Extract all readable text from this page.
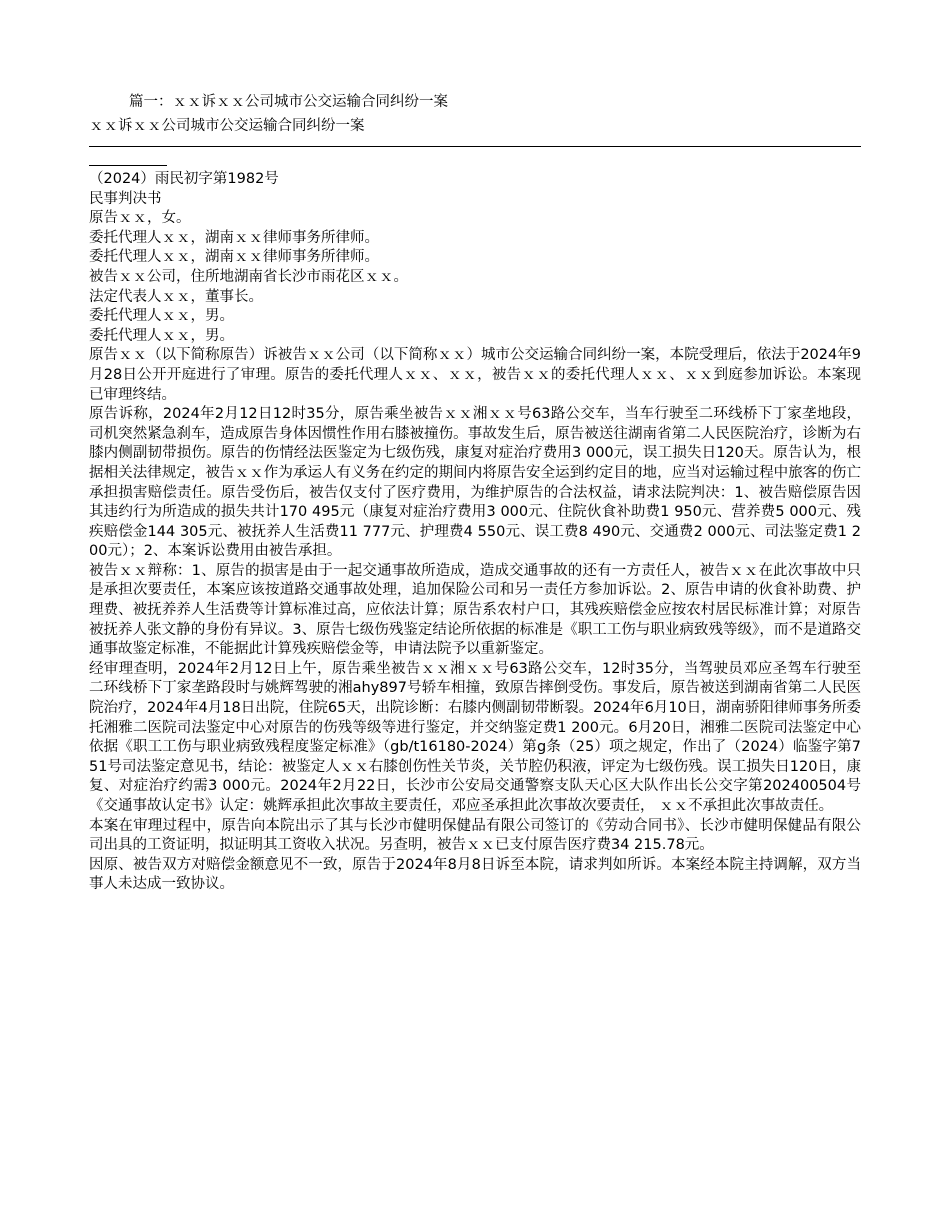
篇一：ｘｘ诉ｘｘ公司城市公交运输合同纠纷一案
ｘｘ诉ｘｘ公司城市公交运输合同纠纷一案

（2024）雨民初字第1982号

民事判决书

原告ｘｘ，女。

委托代理人ｘｘ，湖南ｘｘ律师事务所律师。

委托代理人ｘｘ，湖南ｘｘ律师事务所律师。

被告ｘｘ公司，住所地湖南省长沙市雨花区ｘｘ。

法定代表人ｘｘ，董事长。

委托代理人ｘｘ，男。

委托代理人ｘｘ，男。

原告ｘｘ（以下简称原告）诉被告ｘｘ公司（以下简称ｘｘ）城市公交运输合同纠纷一案，本院受理后，依法于2024年9月28日公开开庭进行了审理。原告的委托代理人ｘｘ、ｘｘ，被告ｘｘ的委托代理人ｘｘ、ｘｘ到庭参加诉讼。本案现已审理终结。

原告诉称，2024年2月12日12时35分，原告乘坐被告ｘｘ湘ｘｘ号63路公交车，当车行驶至二环线桥下丁家垄地段，司机突然紧急刹车，造成原告身体因惯性作用右膝被撞伤。事故发生后，原告被送往湖南省第二人民医院治疗，诊断为右膝内侧副韧带损伤。原告的伤情经法医鉴定为七级伤残，康复对症治疗费用3 000元，误工损失日120天。原告认为，根据相关法律规定，被告ｘｘ作为承运人有义务在约定的期间内将原告安全运到约定目的地，应当对运输过程中旅客的伤亡承担损害赔偿责任。原告受伤后，被告仅支付了医疗费用，为维护原告的合法权益，请求法院判决：1、被告赔偿原告因其违约行为所造成的损失共计170 495元（康复对症治疗费用3 000元、住院伙食补助费1 950元、营养费5 000元、残疾赔偿金144 305元、被抚养人生活费11 777元、护理费4 550元、误工费8 490元、交通费2 000元、司法鉴定费1 200元）；2、本案诉讼费用由被告承担。

被告ｘｘ辩称：1、原告的损害是由于一起交通事故所造成，造成交通事故的还有一方责任人，被告ｘｘ在此次事故中只是承担次要责任，本案应该按道路交通事故处理，追加保险公司和另一责任方参加诉讼。2、原告申请的伙食补助费、护理费、被抚养养人生活费等计算标准过高，应依法计算；原告系农村户口，其残疾赔偿金应按农村居民标准计算；对原告被抚养人张文静的身份有异议。3、原告七级伤残鉴定结论所依据的标准是《职工工伤与职业病致残等级》，而不是道路交通事故鉴定标准，不能据此计算残疾赔偿金等，申请法院予以重新鉴定。

经审理查明，2024年2月12日上午，原告乘坐被告ｘｘ湘ｘｘ号63路公交车，12时35分，当驾驶员邓应圣驾车行驶至二环线桥下丁家垄路段时与姚辉驾驶的湘ahy897号轿车相撞，致原告摔倒受伤。事发后，原告被送到湖南省第二人民医院治疗，2024年4月18日出院，住院65天，出院诊断：右膝内侧副韧带断裂。2024年6月10日，湖南骄阳律师事务所委托湘雅二医院司法鉴定中心对原告的伤残等级等进行鉴定，并交纳鉴定费1 200元。6月20日，湘雅二医院司法鉴定中心依据《职工工伤与职业病致残程度鉴定标准》（gb/t16180-2024）第g条（25）项之规定，作出了（2024）临鉴字第751号司法鉴定意见书，结论：被鉴定人ｘｘ右膝创伤性关节炎，关节腔仍积液，评定为七级伤残。误工损失日120日，康复、对症治疗约需3 000元。2024年2月22日，长沙市公安局交通警察支队天心区大队作出长公交字第202400504号《交通事故认定书》认定：姚辉承担此次事故主要责任，邓应圣承担此次事故次要责任， ｘｘ不承担此次事故责任。

本案在审理过程中，原告向本院出示了其与长沙市健明保健品有限公司签订的《劳动合同书》、长沙市健明保健品有限公司出具的工资证明，拟证明其工资收入状况。另查明，被告ｘｘ已支付原告医疗费34 215.78元。

因原、被告双方对赔偿金额意见不一致，原告于2024年8月8日诉至本院，请求判如所诉。本案经本院主持调解，双方当事人未达成一致协议。
